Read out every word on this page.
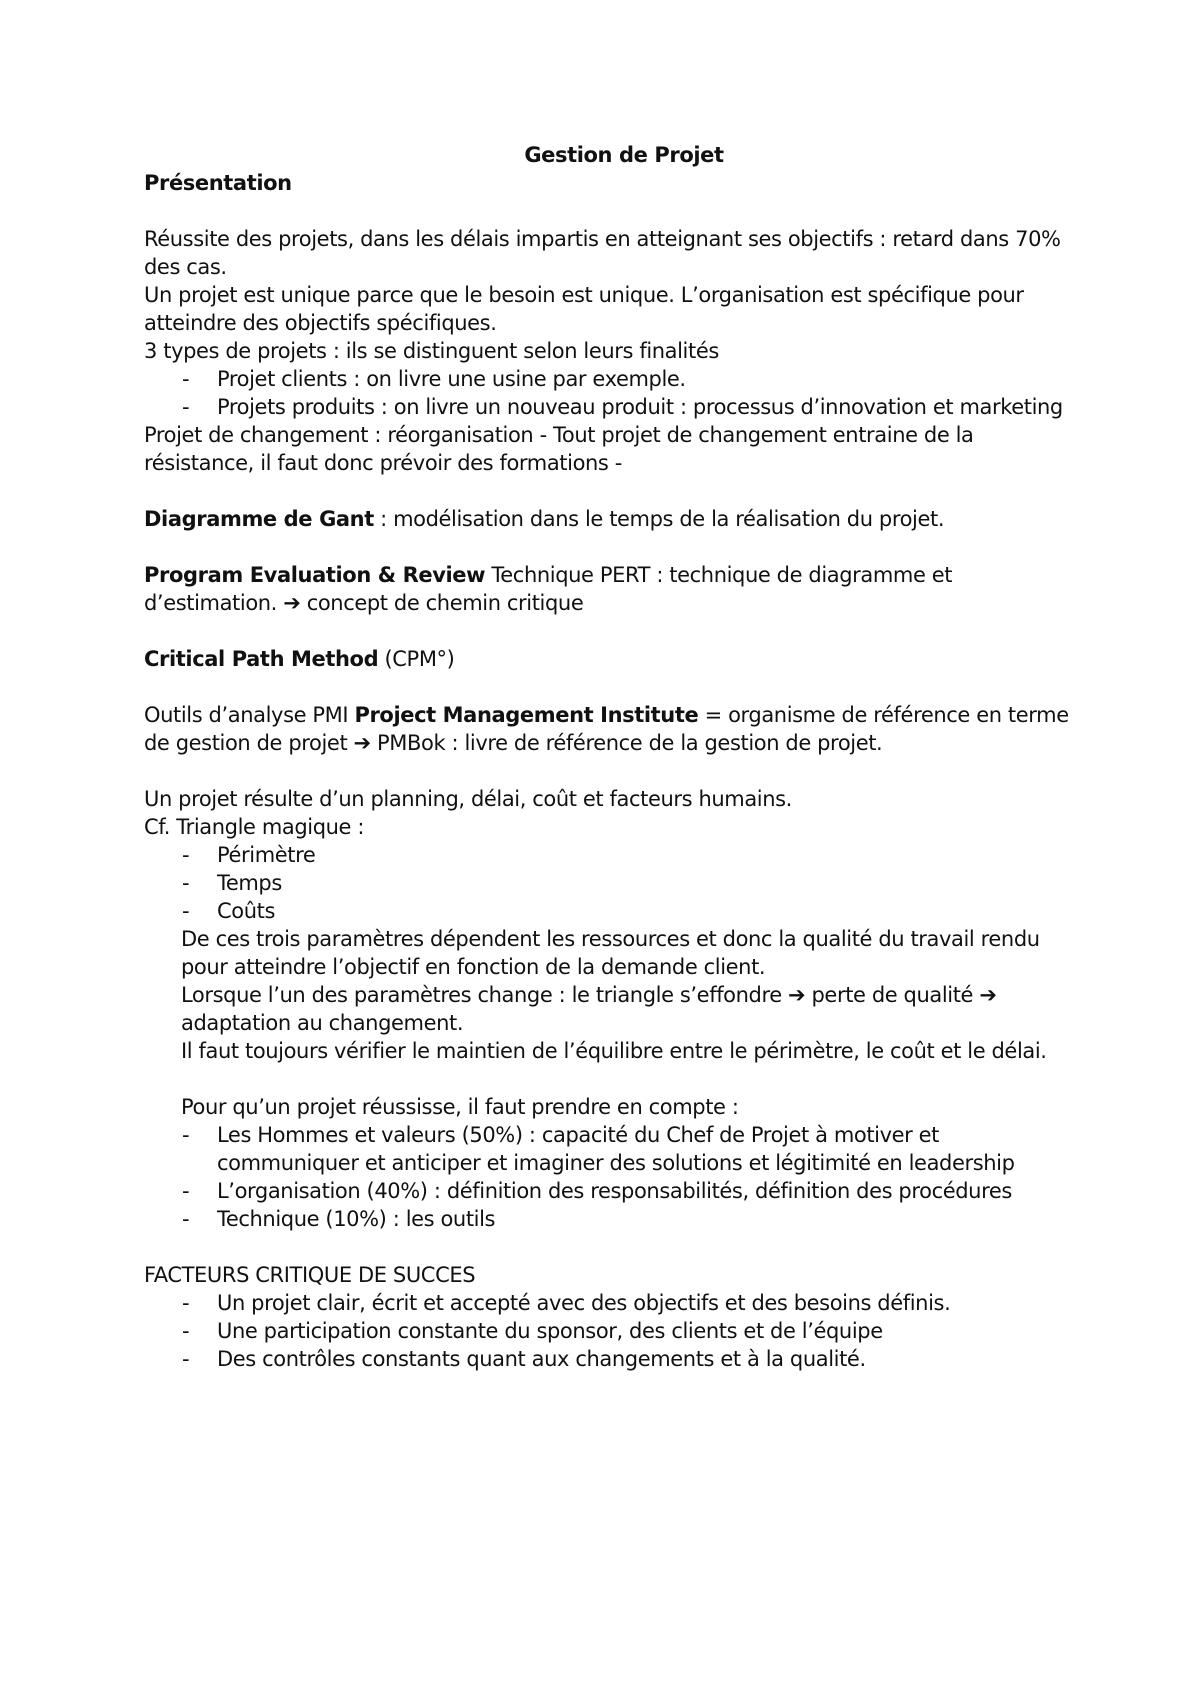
Gestion de Projet

Présentation

Réussite des projets, dans les délais impartis en atteignant ses objectifs : retard dans 70% des cas.

Un projet est unique parce que le besoin est unique. L’organisation est spécifique pour atteindre des objectifs spécifiques.

3 types de projets : ils se distinguent selon leurs finalités

- Projet clients : on livre une usine par exemple.
- Projets produits : on livre un nouveau produit : processus d’innovation et marketing

Projet de changement : réorganisation - Tout projet de changement entraine de la résistance, il faut donc prévoir des formations -

Diagramme de Gant : modélisation dans le temps de la réalisation du projet.

Program Evaluation & Review Technique PERT : technique de diagramme et d’estimation. ➔ concept de chemin critique

Critical Path Method (CPM°)

Outils d’analyse PMI Project Management Institute = organisme de référence en terme de gestion de projet ➔ PMBok : livre de référence de la gestion de projet.

Un projet résulte d’un planning, délai, coût et facteurs humains.

Cf. Triangle magique :

- Périmètre
- Temps
- Coûts

De ces trois paramètres dépendent les ressources et donc la qualité du travail rendu pour atteindre l’objectif en fonction de la demande client.

Lorsque l’un des paramètres change : le triangle s’effondre ➔ perte de qualité ➔ adaptation au changement.

Il faut toujours vérifier le maintien de l’équilibre entre le périmètre, le coût et le délai.

Pour qu’un projet réussisse, il faut prendre en compte :

- Les Hommes et valeurs (50%) : capacité du Chef de Projet à motiver et communiquer et anticiper et imaginer des solutions et légitimité en leadership
- L’organisation (40%) : définition des responsabilités, définition des procédures
- Technique (10%) : les outils

FACTEURS CRITIQUE DE SUCCES

- Un projet clair, écrit et accepté avec des objectifs et des besoins définis.
- Une participation constante du sponsor, des clients et de l’équipe
- Des contrôles constants quant aux changements et à la qualité.
